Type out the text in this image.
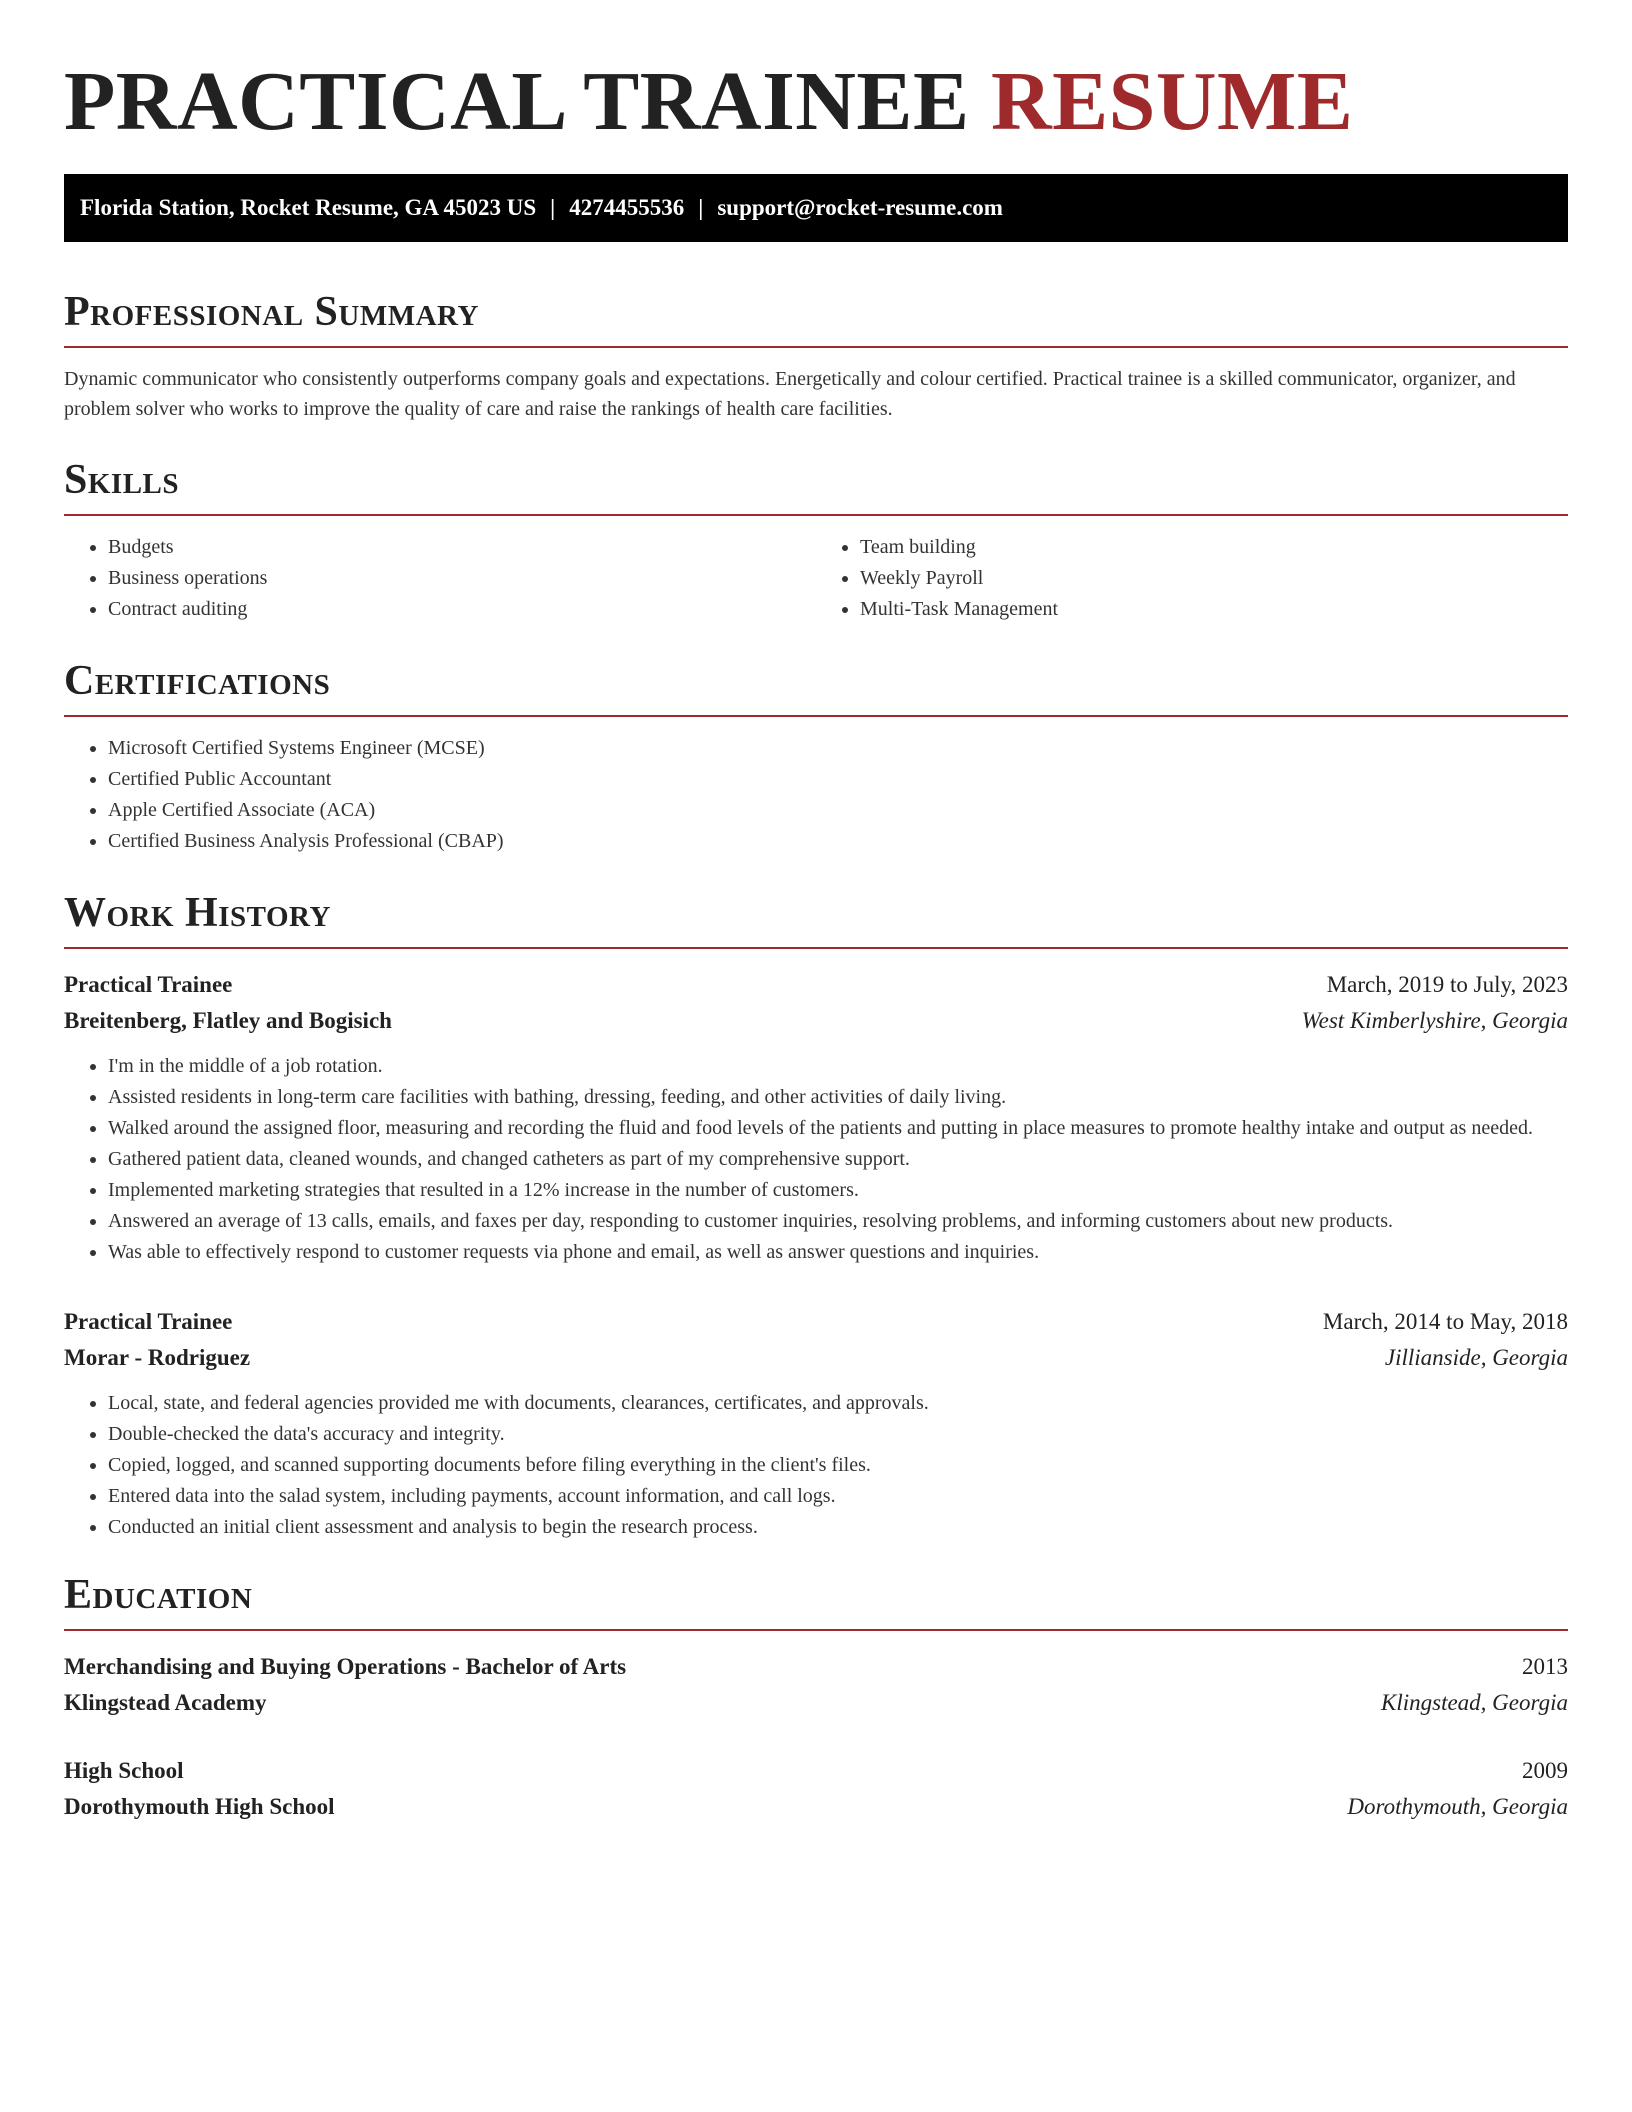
PRACTICAL TRAINEE RESUME
Florida Station, Rocket Resume, GA 45023 US | 4274455536 | support@rocket-resume.com
Professional Summary

Dynamic communicator who consistently outperforms company goals and expectations. Energetically and colour certified. Practical trainee is a skilled communicator, organizer, and problem solver who works to improve the quality of care and raise the rankings of health care facilities.

Skills
• Budgets
• Business operations
• Contract auditing
• Team building
• Weekly Payroll
• Multi-Task Management
Certifications
• Microsoft Certified Systems Engineer (MCSE)
• Certified Public Accountant
• Apple Certified Associate (ACA)
• Certified Business Analysis Professional (CBAP)
Work History
Practical Trainee	March, 2019 to July, 2023
Breitenberg, Flatley and Bogisich	West Kimberlyshire, Georgia
• I'm in the middle of a job rotation.
• Assisted residents in long-term care facilities with bathing, dressing, feeding, and other activities of daily living.
• Walked around the assigned floor, measuring and recording the fluid and food levels of the patients and putting in place measures to promote healthy intake and output as needed.
• Gathered patient data, cleaned wounds, and changed catheters as part of my comprehensive support.
• Implemented marketing strategies that resulted in a 12% increase in the number of customers.
• Answered an average of 13 calls, emails, and faxes per day, responding to customer inquiries, resolving problems, and informing customers about new products.
• Was able to effectively respond to customer requests via phone and email, as well as answer questions and inquiries.
Practical Trainee	March, 2014 to May, 2018
Morar - Rodriguez	Jillianside, Georgia
• Local, state, and federal agencies provided me with documents, clearances, certificates, and approvals.
• Double-checked the data's accuracy and integrity.
• Copied, logged, and scanned supporting documents before filing everything in the client's files.
• Entered data into the salad system, including payments, account information, and call logs.
• Conducted an initial client assessment and analysis to begin the research process.
Education
Merchandising and Buying Operations - Bachelor of Arts	2013
Klingstead Academy	Klingstead, Georgia
High School	2009
Dorothymouth High School	Dorothymouth, Georgia
